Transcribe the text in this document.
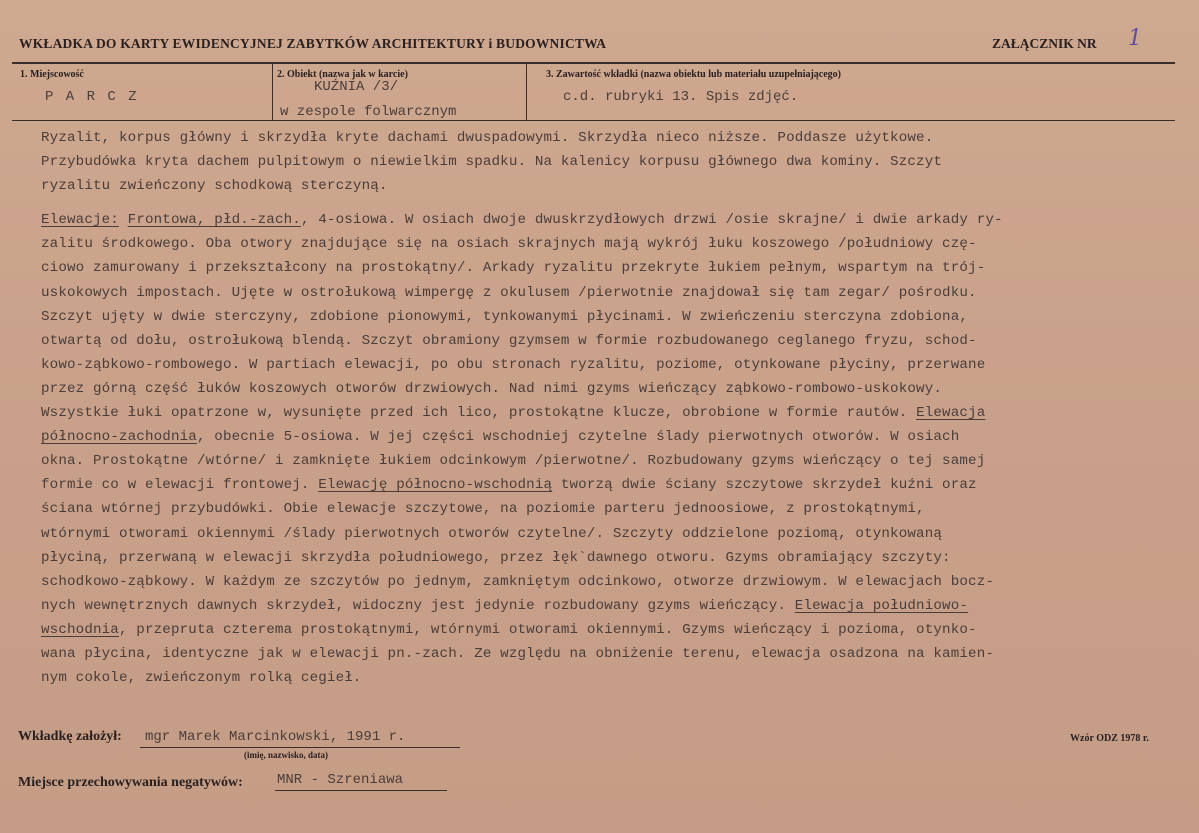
WKŁADKA DO KARTY EWIDENCYJNEJ ZABYTKÓW ARCHITEKTURY i BUDOWNICTWA	ZAŁĄCZNIK NR 1
1. Miejscowość
P A R C Z
2. Obiekt (nazwa jak w karcie)
KUŹNIA /3/
w zespole folwarcznym
3. Zawartość wkładki (nazwa obiektu lub materiału uzupełniającego)
c.d. rubryki 13. Spis zdjęć.

Ryzalit, korpus główny i skrzydła kryte dachami dwuspadowymi. Skrzydła nieco niższe. Poddasze użytkowe.

Przybudówka kryta dachem pulpitowym o niewielkim spadku. Na kalenicy korpusu głównego dwa kominy. Szczyt

ryzalitu zwieńczony schodkową sterczyną.

Elewacje: Frontowa, płd.-zach., 4-osiowa. W osiach dwoje dwuskrzydłowych drzwi /osie skrajne/ i dwie arkady ry-

zalitu środkowego. Oba otwory znajdujące się na osiach skrajnych mają wykrój łuku koszowego /południowy czę-

ciowo zamurowany i przekształcony na prostokątny/. Arkady ryzalitu przekryte łukiem pełnym, wspartym na trój-

uskokowych impostach. Ujęte w ostrołukową wimpergę z okulusem /pierwotnie znajdował się tam zegar/ pośrodku.

Szczyt ujęty w dwie sterczyny, zdobione pionowymi, tynkowanymi płycinami. W zwieńczeniu sterczyna zdobiona,

otwartą od dołu, ostrołukową blendą. Szczyt obramiony gzymsem w formie rozbudowanego ceglanego fryzu, schod-

kowo-ząbkowo-rombowego. W partiach elewacji, po obu stronach ryzalitu, poziome, otynkowane płyciny, przerwane

przez górną część łuków koszowych otworów drzwiowych. Nad nimi gzyms wieńczący ząbkowo-rombowo-uskokowy.

Wszystkie łuki opatrzone w, wysunięte przed ich lico, prostokątne klucze, obrobione w formie rautów. Elewacja

północno-zachodnia, obecnie 5-osiowa. W jej części wschodniej czytelne ślady pierwotnych otworów. W osiach

okna. Prostokątne /wtórne/ i zamknięte łukiem odcinkowym /pierwotne/. Rozbudowany gzyms wieńczący o tej samej

formie co w elewacji frontowej. Elewację północno-wschodnią tworzą dwie ściany szczytowe skrzydeł kuźni oraz

ściana wtórnej przybudówki. Obie elewacje szczytowe, na poziomie parteru jednoosiowe, z prostokątnymi,

wtórnymi otworami okiennymi /ślady pierwotnych otworów czytelne/. Szczyty oddzielone poziomą, otynkowaną

płyciną, przerwaną w elewacji skrzydła południowego, przez łęk`dawnego otworu. Gzyms obramiający szczyty:

schodkowo-ząbkowy. W każdym ze szczytów po jednym, zamkniętym odcinkowo, otworze drzwiowym. W elewacjach bocz-

nych wewnętrznych dawnych skrzydeł, widoczny jest jedynie rozbudowany gzyms wieńczący. Elewacja południowo-

wschodnia, przepruta czterema prostokątnymi, wtórnymi otworami okiennymi. Gzyms wieńczący i pozioma, otynko-

wana płycina, identyczne jak w elewacji pn.-zach. Ze względu na obniżenie terenu, elewacja osadzona na kamien-

nym cokole, zwieńczonym rolką cegieł.

Wkładkę założył: mgr Marek Marcinkowski, 1991 r.
(imię, nazwisko, data)
Wzór ODZ 1978 r.
Miejsce przechowywania negatywów: MNR - Szreniawa
